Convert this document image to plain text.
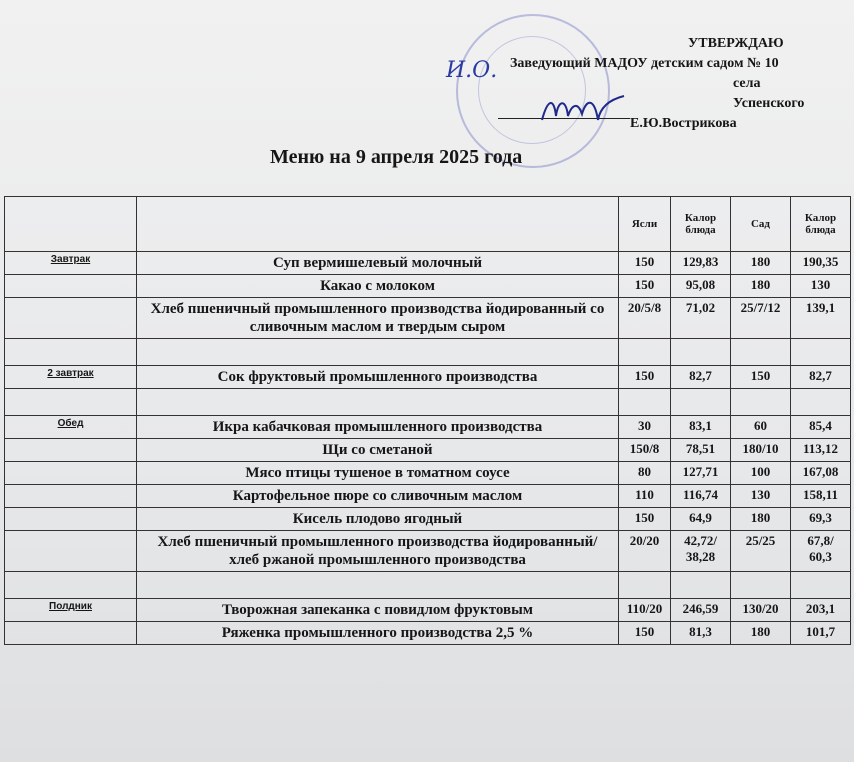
И.О.
УТВЕРЖДАЮ
Заведующий МАДОУ детским садом № 10
села Успенского
Е.Ю.Вострикова
Меню на 9 апреля 2025 года
		Ясли	Калор блюда	Сад	Калор блюда
Завтрак	Суп вермишелевый молочный	150	129,83	180	190,35
	Какао с молоком	150	95,08	180	130
	Хлеб пшеничный промышленного производства йодированный со сливочным маслом и твердым сыром	20/5/8	71,02	25/7/12	139,1

2 завтрак	Сок фруктовый промышленного производства	150	82,7	150	82,7

Обед	Икра кабачковая промышленного производства	30	83,1	60	85,4
	Щи со сметаной	150/8	78,51	180/10	113,12
	Мясо птицы тушеное в томатном соусе	80	127,71	100	167,08
	Картофельное пюре со сливочным маслом	110	116,74	130	158,11
	Кисель плодово ягодный	150	64,9	180	69,3
	Хлеб пшеничный промышленного производства йодированный/ хлеб ржаной промышленного производства	20/20	42,72/ 38,28	25/25	67,8/ 60,3

Полдник	Творожная запеканка с повидлом фруктовым	110/20	246,59	130/20	203,1
	Ряженка промышленного производства 2,5 %	150	81,3	180	101,7
